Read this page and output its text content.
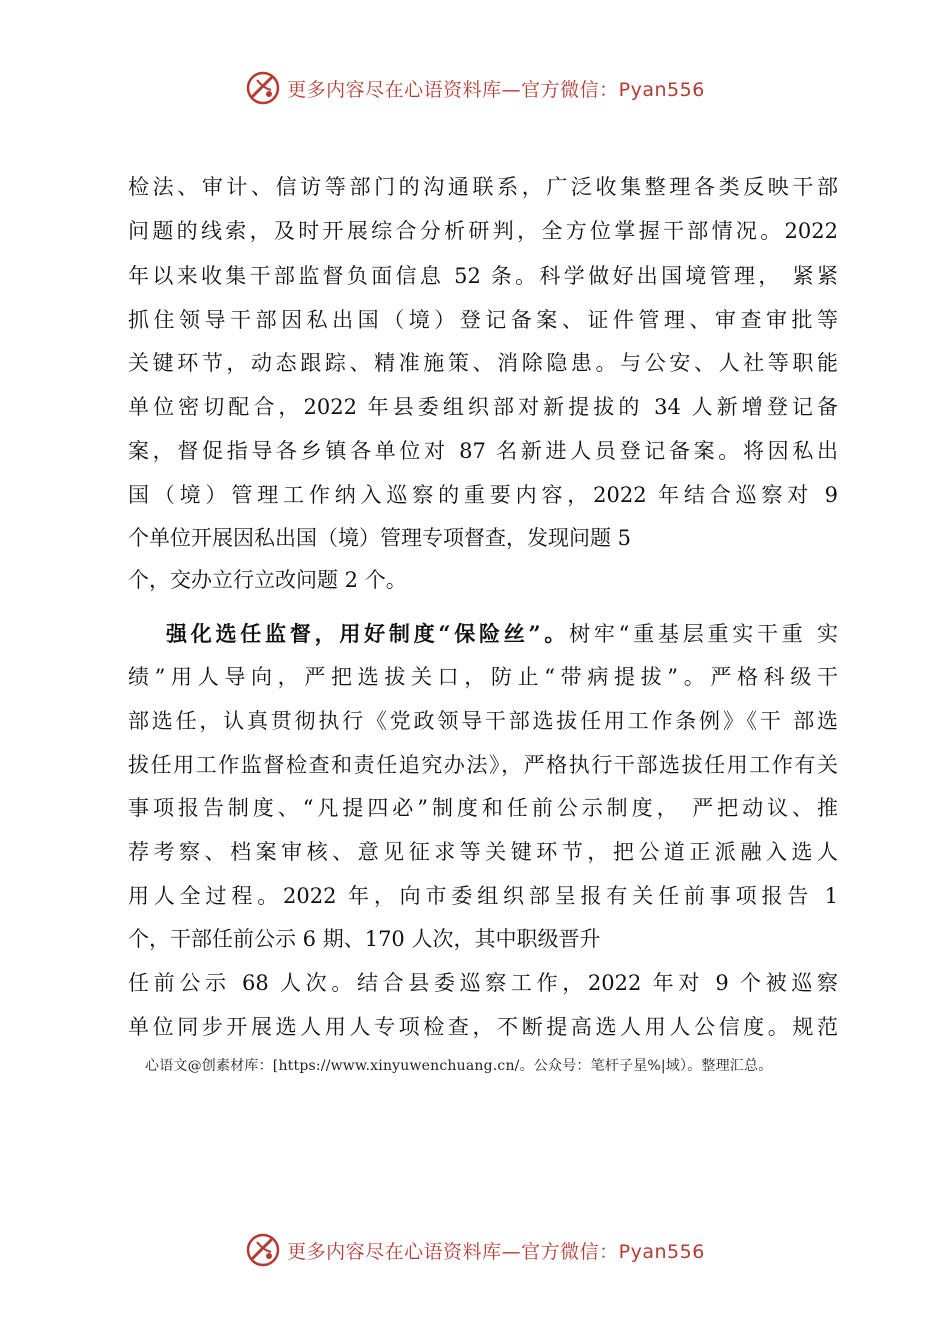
更多内容尽在心语资料库—官方微信：Pyan556
检法、审计、信访等部门的沟通联系，广泛收集整理各类反映干部
问题的线索，及时开展综合分析研判，全方位掌握干部情况。2022
年以来收集干部监督负面信息 52 条。科学做好出国境管理， 紧紧
抓住领导干部因私出国（境）登记备案、证件管理、审查审批等
关键环节，动态跟踪、精准施策、消除隐患。与公安、人社等职能
单位密切配合，2022 年县委组织部对新提拔的 34 人新增登记备
案，督促指导各乡镇各单位对 87 名新进人员登记备案。将因私出
国（境）管理工作纳入巡察的重要内容，2022 年结合巡察对 9
个单位开展因私出国（境）管理专项督查，发现问题 5
个，交办立行立改问题 2 个。
强化选任监督，用好制度“保险丝”。树牢“重基层重实干重 实
绩”用人导向，严把选拔关口，防止“带病提拔”。严格科级干
部选任，认真贯彻执行《党政领导干部选拔任用工作条例》《干 部选
拔任用工作监督检查和责任追究办法》，严格执行干部选拔任用工作有关
事项报告制度、“凡提四必”制度和任前公示制度， 严把动议、推
荐考察、档案审核、意见征求等关键环节，把公道正派融入选人
用人全过程。2022 年，向市委组织部呈报有关任前事项报告 1
个，干部任前公示 6 期、170 人次，其中职级晋升
任前公示 68 人次。结合县委巡察工作，2022 年对 9 个被巡察
单位同步开展选人用人专项检查，不断提高选人用人公信度。规范
心语文@创素材库：[https://www.xinyuwenchuang.cn/。公众号：笔杆子星%|域）。整理汇总。
更多内容尽在心语资料库—官方微信：Pyan556
